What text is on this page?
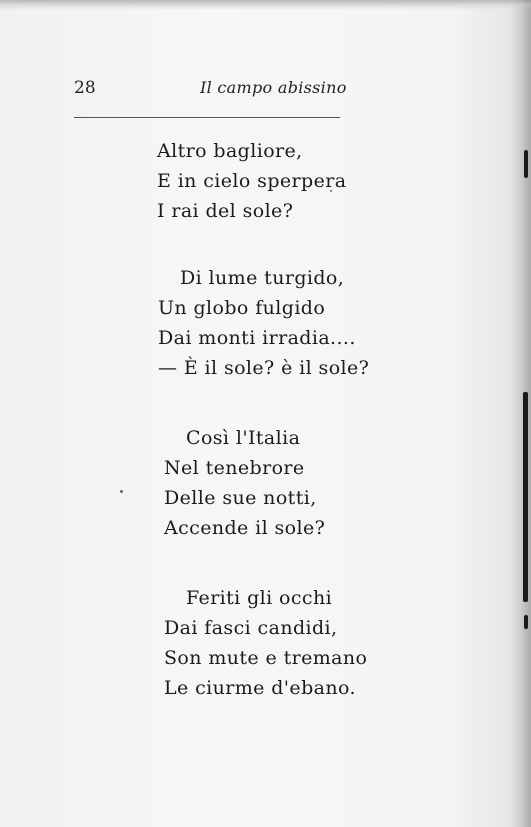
28	Il campo abissino
Altro bagliore,
E in cielo sperpera
I rai del sole?
Di lume turgido,
Un globo fulgido
Dai monti irradia....
— È il sole? è il sole?
Così l'Italia
Nel tenebrore
Delle sue notti,
Accende il sole?
Feriti gli occhi
Dai fasci candidi,
Son mute e tremano
Le ciurme d'ebano.
